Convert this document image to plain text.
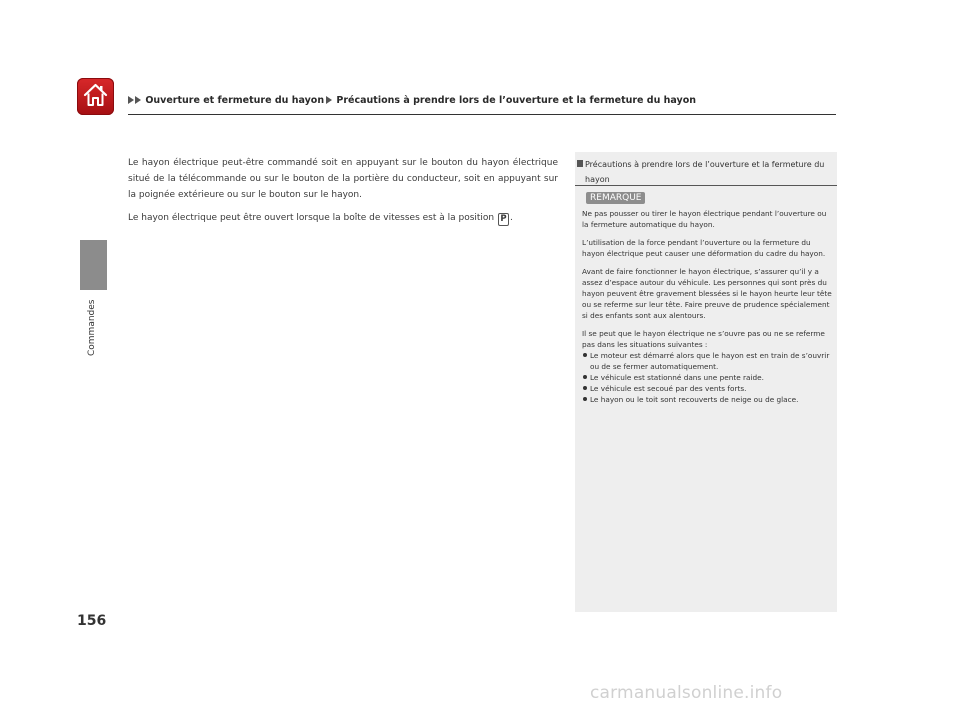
Ouverture et fermeture du hayon Précautions à prendre lors de l’ouverture et la fermeture du hayon
Commandes
156

Le hayon électrique peut-être commandé soit en appuyant sur le bouton du hayon électrique situé de la télécommande ou sur le bouton de la portière du conducteur, soit en appuyant sur la poignée extérieure ou sur le bouton sur le hayon.

Le hayon électrique peut être ouvert lorsque la boîte de vitesses est à la position P .

Précautions à prendre lors de l’ouverture et la fermeture du
hayon
REMARQUE

Ne pas pousser ou tirer le hayon électrique pendant l’ouverture ou la fermeture automatique du hayon.

L’utilisation de la force pendant l’ouverture ou la fermeture du hayon électrique peut causer une déformation du cadre du hayon.

Avant de faire fonctionner le hayon électrique, s’assurer qu’il y a assez d’espace autour du véhicule. Les personnes qui sont près du hayon peuvent être gravement blessées si le hayon heurte leur tête ou se referme sur leur tête. Faire preuve de prudence spécialement si des enfants sont aux alentours.

Il se peut que le hayon électrique ne s’ouvre pas ou ne se referme pas dans les situations suivantes :

Le moteur est démarré alors que le hayon est en train de s’ouvrir ou de se fermer automatiquement.
Le véhicule est stationné dans une pente raide.
Le véhicule est secoué par des vents forts.
Le hayon ou le toit sont recouverts de neige ou de glace.
carmanualsonline.info
